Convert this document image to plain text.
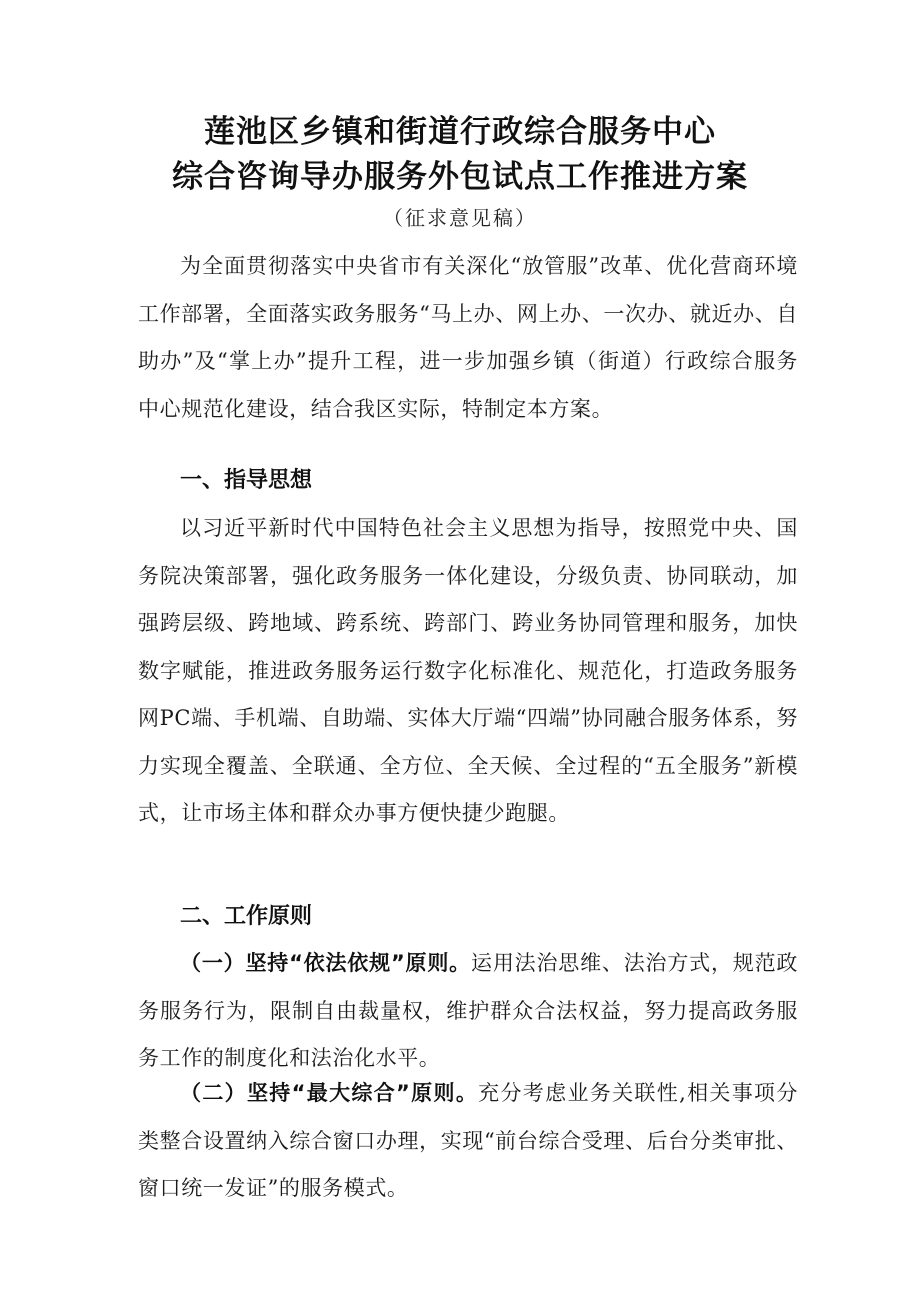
莲池区乡镇和街道行政综合服务中心
综合咨询导办服务外包试点工作推进方案
（征求意见稿）

为全面贯彻落实中央省市有关深化“放管服”改革、优化营商环境工作部署，全面落实政务服务“马上办、网上办、一次办、就近办、自助办”及“掌上办”提升工程，进一步加强乡镇（街道）行政综合服务中心规范化建设，结合我区实际，特制定本方案。

一、指导思想

以习近平新时代中国特色社会主义思想为指导，按照党中央、国务院决策部署，强化政务服务一体化建设，分级负责、协同联动，加强跨层级、跨地域、跨系统、跨部门、跨业务协同管理和服务，加快数字赋能，推进政务服务运行数字化标准化、规范化，打造政务服务网PC端、手机端、自助端、实体大厅端“四端”协同融合服务体系，努力实现全覆盖、全联通、全方位、全天候、全过程的“五全服务”新模式，让市场主体和群众办事方便快捷少跑腿。

二、工作原则

（一）坚持“依法依规”原则。运用法治思维、法治方式，规范政务服务行为，限制自由裁量权，维护群众合法权益，努力提高政务服务工作的制度化和法治化水平。

（二）坚持“最大综合”原则。充分考虑业务关联性,相关事项分类整合设置纳入综合窗口办理，实现“前台综合受理、后台分类审批、窗口统一发证”的服务模式。
